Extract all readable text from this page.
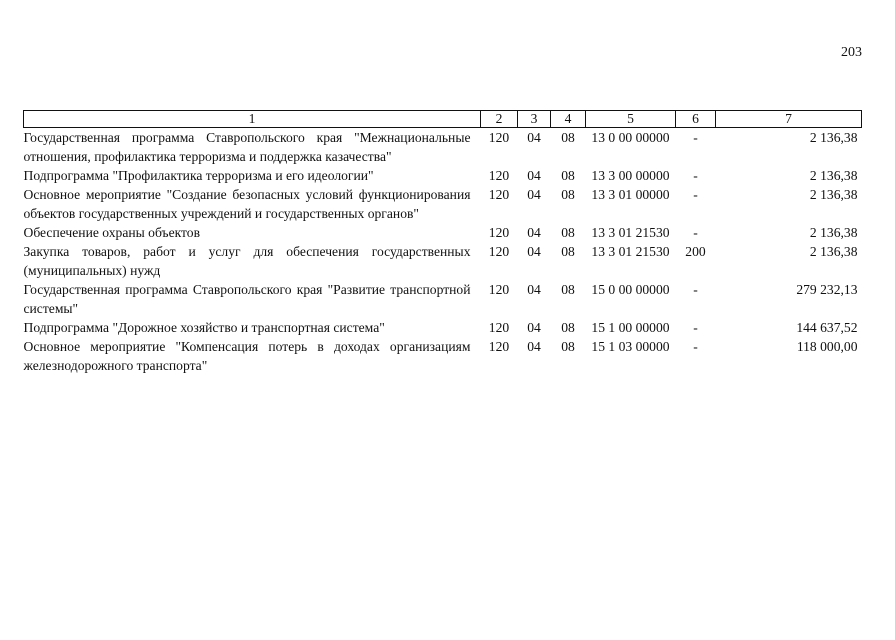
203
1	2	3	4	5	6	7
Государственная программа Ставропольского края "Межнациональные отношения, профилактика терроризма и поддержка казачества"	120	04	08	13 0 00 00000	-	2 136,38
Подпрограмма "Профилактика терроризма и его идеологии"	120	04	08	13 3 00 00000	-	2 136,38
Основное мероприятие "Создание безопасных условий функционирования объектов государственных учреждений и государственных органов"	120	04	08	13 3 01 00000	-	2 136,38
Обеспечение охраны объектов	120	04	08	13 3 01 21530	-	2 136,38
Закупка товаров, работ и услуг для обеспечения государственных (муниципальных) нужд	120	04	08	13 3 01 21530	200	2 136,38
Государственная программа Ставропольского края "Развитие транспортной системы"	120	04	08	15 0 00 00000	-	279 232,13
Подпрограмма "Дорожное хозяйство и транспортная система"	120	04	08	15 1 00 00000	-	144 637,52
Основное мероприятие "Компенсация потерь в доходах организациям железнодорожного транспорта"	120	04	08	15 1 03 00000	-	118 000,00
